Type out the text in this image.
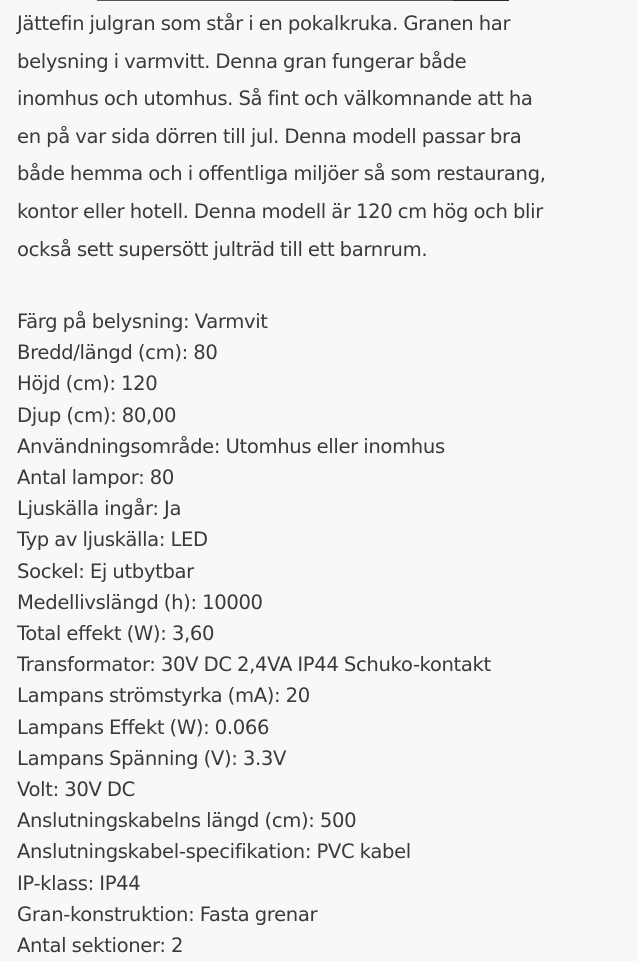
Jättefin julgran som står i en pokalkruka. Granen har
belysning i varmvitt. Denna gran fungerar både
inomhus och utomhus. Så fint och välkomnande att ha
en på var sida dörren till jul. Denna modell passar bra
både hemma och i offentliga miljöer så som restaurang,
kontor eller hotell. Denna modell är 120 cm hög och blir
också sett supersött julträd till ett barnrum.

Färg på belysning: Varmvit
Bredd/längd (cm): 80
Höjd (cm): 120
Djup (cm): 80,00
Användningsområde: Utomhus eller inomhus
Antal lampor: 80
Ljuskälla ingår: Ja
Typ av ljuskälla: LED
Sockel: Ej utbytbar
Medellivslängd (h): 10000
Total effekt (W): 3,60
Transformator: 30V DC 2,4VA IP44 Schuko-kontakt
Lampans strömstyrka (mA): 20
Lampans Effekt (W): 0.066
Lampans Spänning (V): 3.3V
Volt: 30V DC
Anslutningskabelns längd (cm): 500
Anslutningskabel-specifikation: PVC kabel
IP-klass: IP44
Gran-konstruktion: Fasta grenar
Antal sektioner: 2
